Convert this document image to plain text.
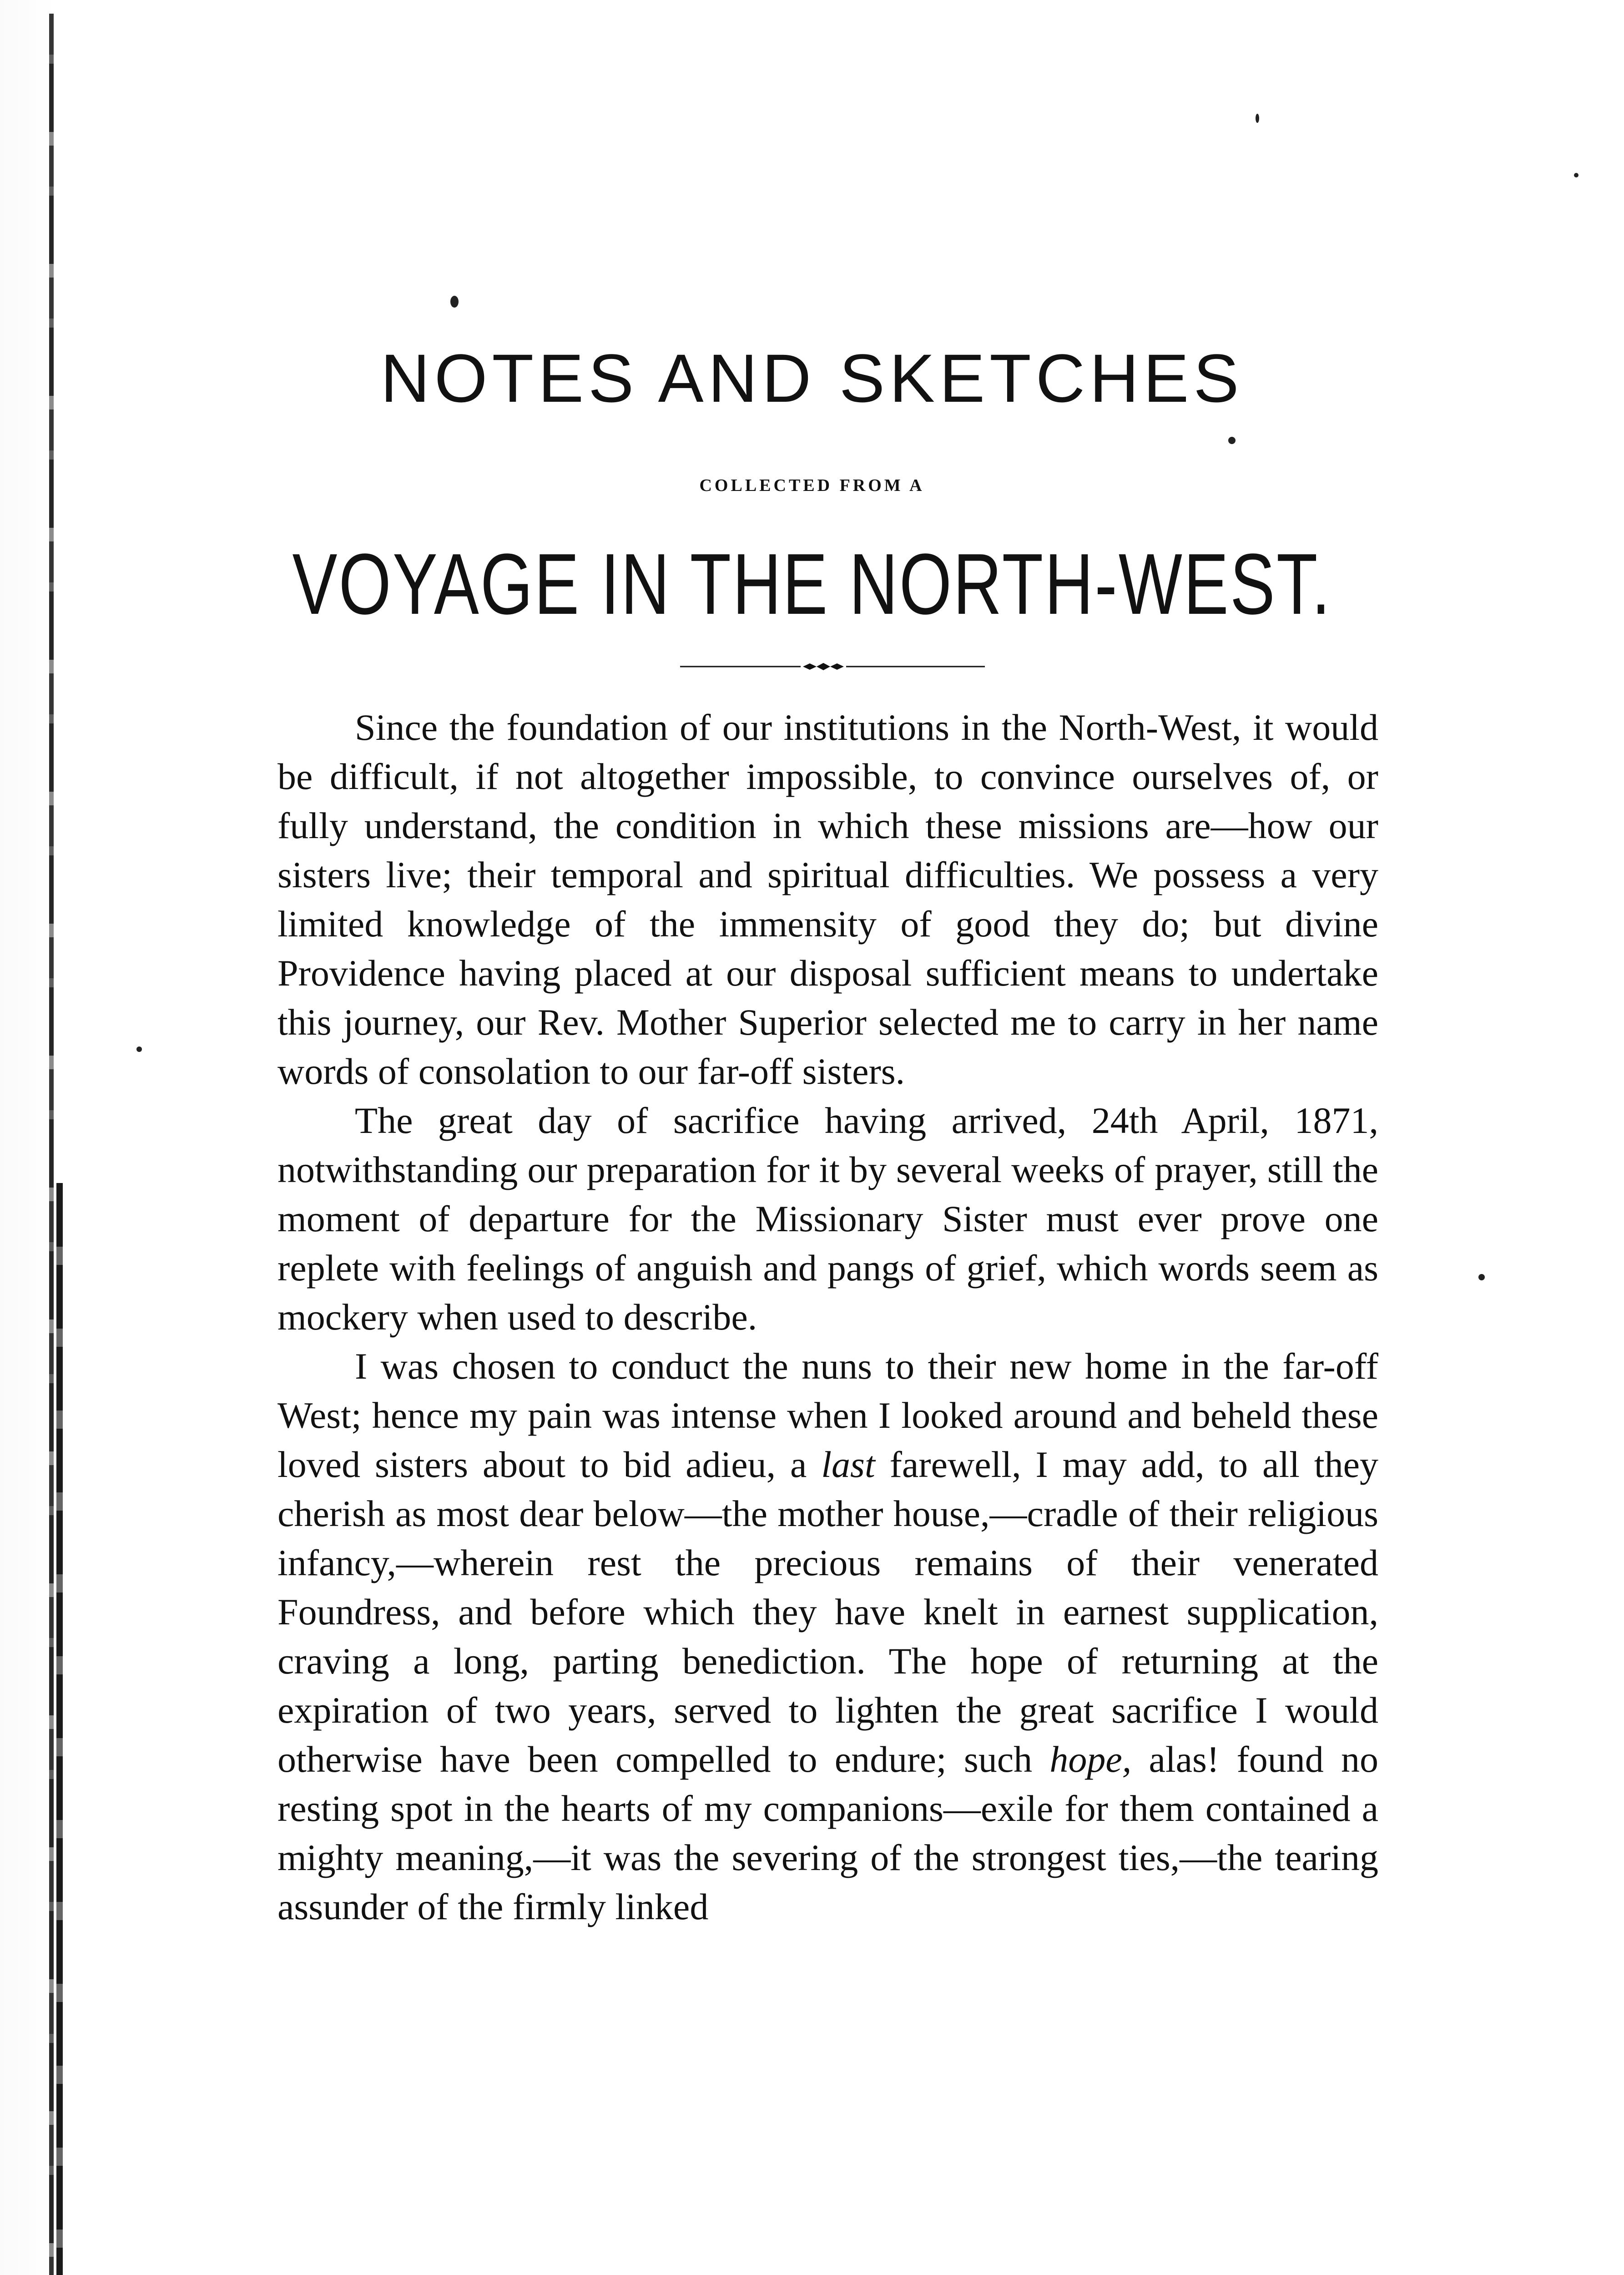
NOTES AND SKETCHES
COLLECTED FROM A
VOYAGE IN THE NORTH-WEST.

Since the foundation of our institutions in the North-West, it would be difficult, if not altogether impossible, to convince ourselves of, or fully understand, the condition in which these missions are—how our sisters live; their temporal and spiritual difficulties. We possess a very limited knowledge of the immensity of good they do; but divine Providence having placed at our disposal sufficient means to undertake this journey, our Rev. Mother Superior selected me to carry in her name words of consolation to our far-off sisters.

The great day of sacrifice having arrived, 24th April, 1871, notwithstanding our preparation for it by several weeks of prayer, still the moment of departure for the Missionary Sister must ever prove one replete with feelings of anguish and pangs of grief, which words seem as mockery when used to describe.

I was chosen to conduct the nuns to their new home in the far-off West; hence my pain was intense when I looked around and beheld these loved sisters about to bid adieu, a last farewell, I may add, to all they cherish as most dear below—the mother house,—cradle of their religious infancy,—wherein rest the precious remains of their venerated Foundress, and before which they have knelt in earnest supplication, craving a long, parting benediction. The hope of returning at the expiration of two years, served to lighten the great sacrifice I would otherwise have been compelled to endure; such hope, alas! found no resting spot in the hearts of my companions—exile for them contained a mighty meaning,—it was the severing of the strongest ties,—the tearing assunder of the firmly linked
